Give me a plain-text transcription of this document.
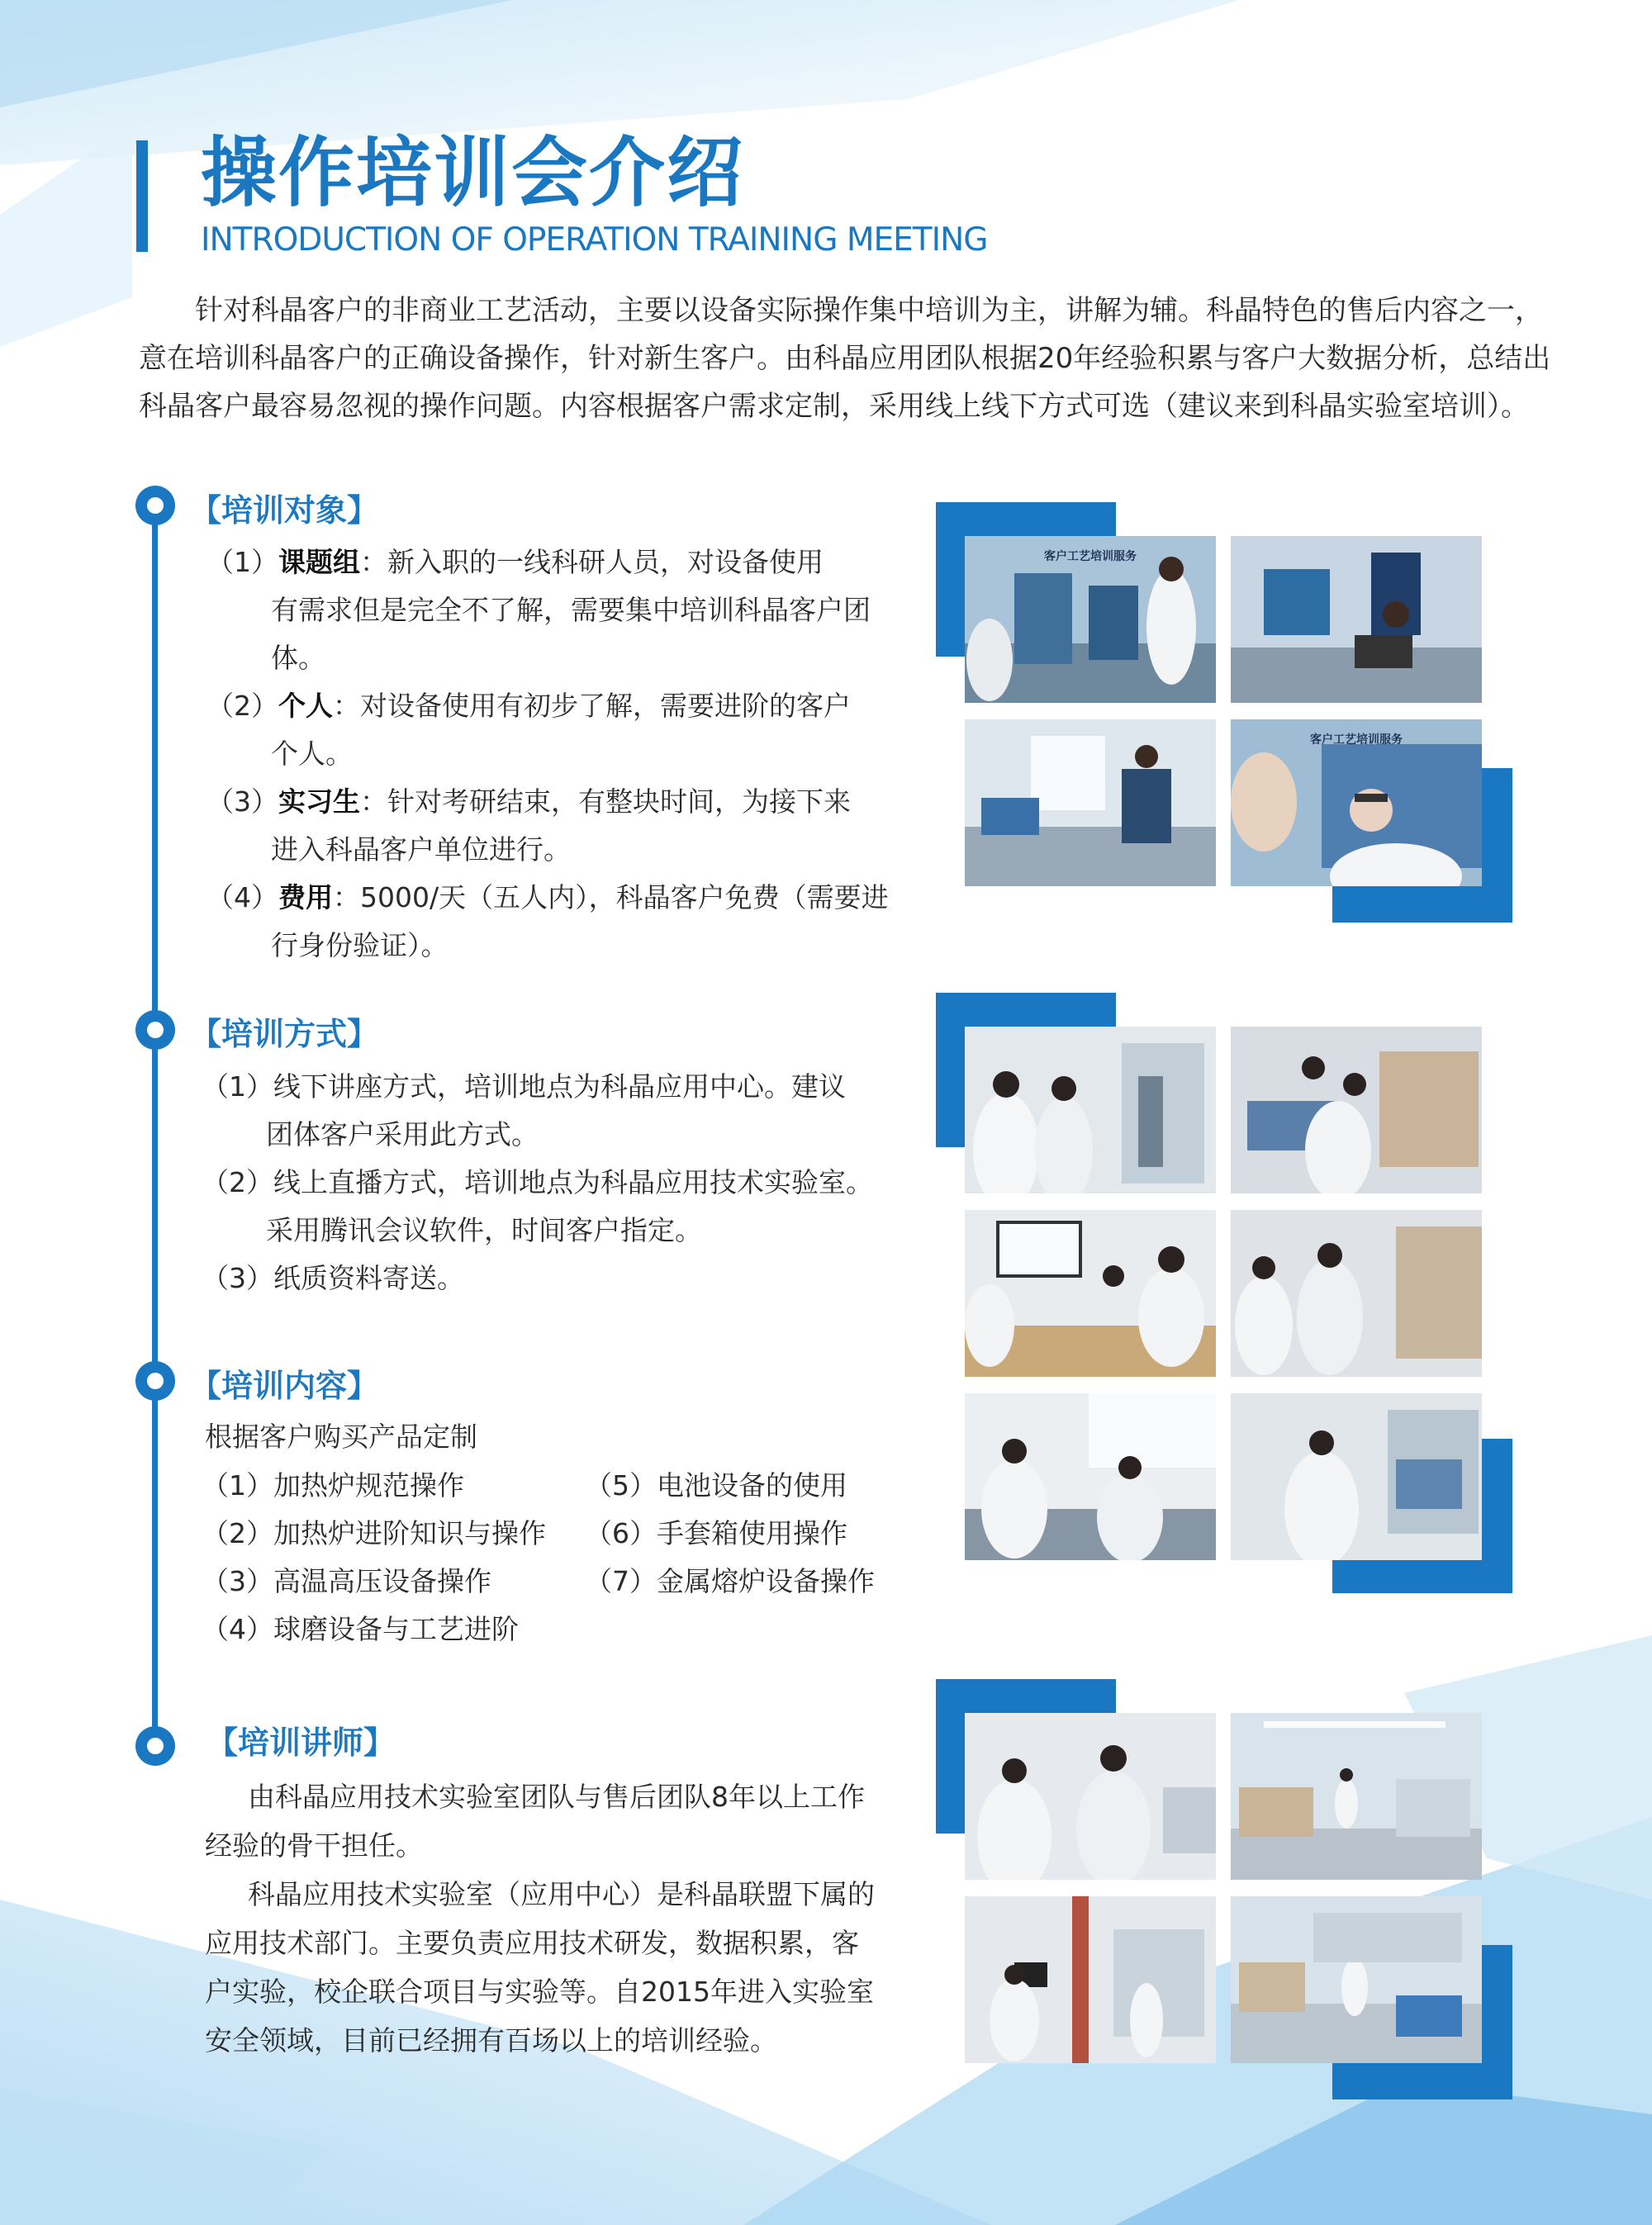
操作培训会介绍
INTRODUCTION OF OPERATION TRAINING MEETING
针对科晶客户的非商业工艺活动，主要以设备实际操作集中培训为主，讲解为辅。科晶特色的售后内容之一，意在培训科晶客户的正确设备操作，针对新生客户。由科晶应用团队根据20年经验积累与客户大数据分析，总结出科晶客户最容易忽视的操作问题。内容根据客户需求定制，采用线上线下方式可选（建议来到科晶实验室培训）。
【培训对象】
（1）课题组：新入职的一线科研人员，对设备使用
有需求但是完全不了解，需要集中培训科晶客户团体。
（2）个人：对设备使用有初步了解，需要进阶的客户
个人。
（3）实习生：针对考研结束，有整块时间，为接下来
进入科晶客户单位进行。
（4）费用：5000/天（五人内），科晶客户免费（需要进
行身份验证）。
【培训方式】
（1）线下讲座方式，培训地点为科晶应用中心。建议
团体客户采用此方式。
（2）线上直播方式，培训地点为科晶应用技术实验室。
采用腾讯会议软件，时间客户指定。
（3）纸质资料寄送。
【培训内容】
根据客户购买产品定制
（1）加热炉规范操作
（2）加热炉进阶知识与操作
（3）高温高压设备操作
（4）球磨设备与工艺进阶
（5）电池设备的使用
（6）手套箱使用操作
（7）金属熔炉设备操作
【培训讲师】
由科晶应用技术实验室团队与售后团队8年以上工作经验的骨干担任。
科晶应用技术实验室（应用中心）是科晶联盟下属的应用技术部门。主要负责应用技术研发，数据积累，客户实验，校企联合项目与实验等。自2015年进入实验室安全领域，目前已经拥有百场以上的培训经验。
客户工艺培训服务
客户工艺培训服务
